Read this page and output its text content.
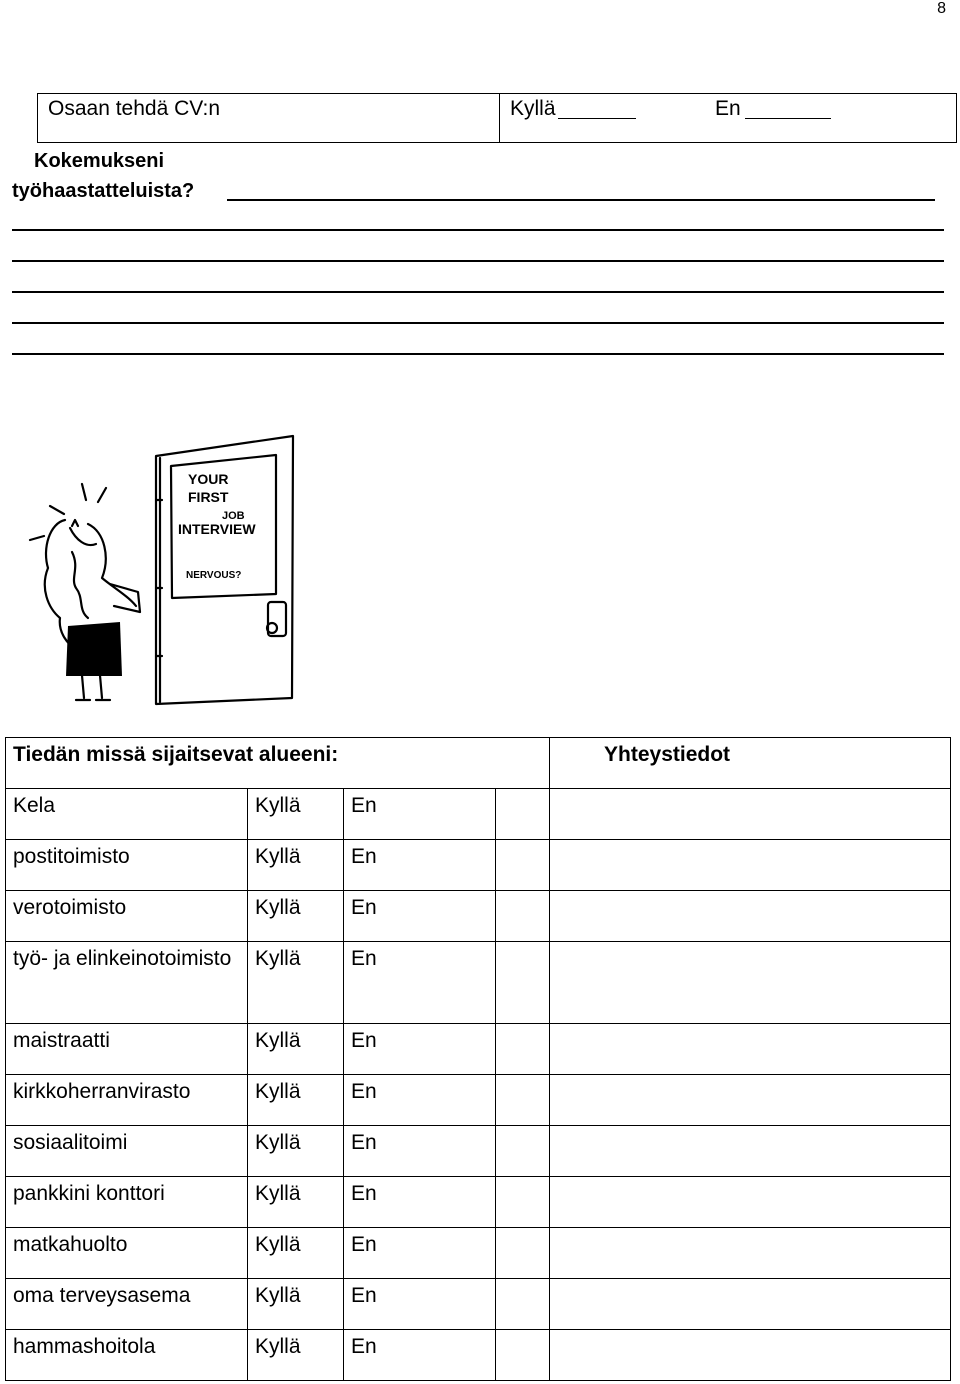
8
Osaan tehdä CV:n	Kyllä	En
Kokemukseni
työhaastatteluista?
YOUR
FIRST
JOB
INTERVIEW
NERVOUS?
Tiedän missä sijaitsevat alueeni:				Yhteystiedot
Kela	Kyllä	En		
postitoimisto	Kyllä	En		
verotoimisto	Kyllä	En		
työ- ja elinkeinotoimisto	Kyllä	En		
maistraatti	Kyllä	En		
kirkkoherranvirasto	Kyllä	En		
sosiaalitoimi	Kyllä	En		
pankkini konttori	Kyllä	En		
matkahuolto	Kyllä	En		
oma terveysasema	Kyllä	En		
hammashoitola	Kyllä	En		
